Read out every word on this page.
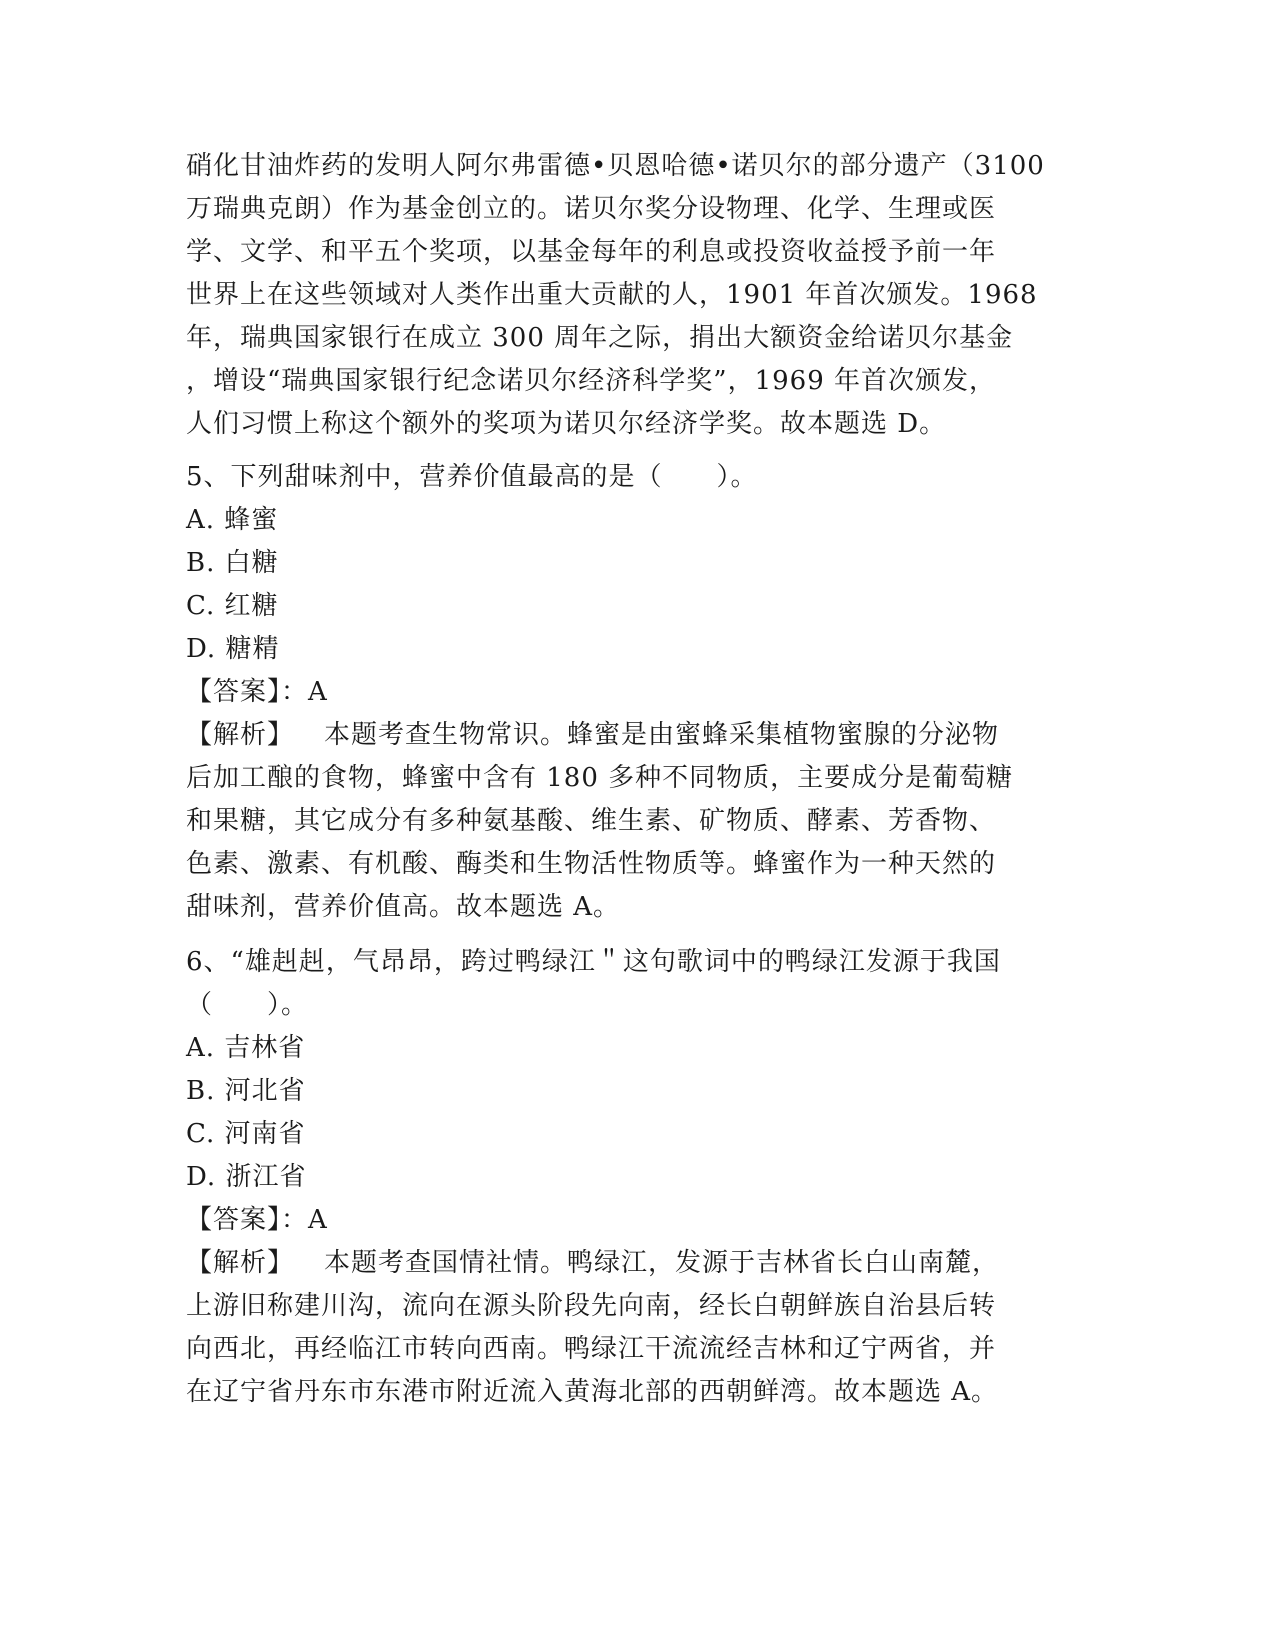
硝化甘油炸药的发明人阿尔弗雷德•贝恩哈德•诺贝尔的部分遗产（3100
万瑞典克朗）作为基金创立的。诺贝尔奖分设物理、化学、生理或医
学、文学、和平五个奖项，以基金每年的利息或投资收益授予前一年
世界上在这些领域对人类作出重大贡献的人，1901 年首次颁发。1968
年，瑞典国家银行在成立 300 周年之际，捐出大额资金给诺贝尔基金
，增设“瑞典国家银行纪念诺贝尔经济科学奖”，1969 年首次颁发，
人们习惯上称这个额外的奖项为诺贝尔经济学奖。故本题选 D。
5、下列甜味剂中，营养价值最高的是（　　）。
A. 蜂蜜
B. 白糖
C. 红糖
D. 糖精
【答案】：A
【解析】 本题考查生物常识。蜂蜜是由蜜蜂采集植物蜜腺的分泌物
后加工酿的食物，蜂蜜中含有 180 多种不同物质，主要成分是葡萄糖
和果糖，其它成分有多种氨基酸、维生素、矿物质、酵素、芳香物、
色素、激素、有机酸、酶类和生物活性物质等。蜂蜜作为一种天然的
甜味剂，营养价值高。故本题选 A。
6、“雄赳赳，气昂昂，跨过鸭绿江＂这句歌词中的鸭绿江发源于我国
（　　）。
A. 吉林省
B. 河北省
C. 河南省
D. 浙江省
【答案】：A
【解析】 本题考查国情社情。鸭绿江，发源于吉林省长白山南麓，
上游旧称建川沟，流向在源头阶段先向南，经长白朝鲜族自治县后转
向西北，再经临江市转向西南。鸭绿江干流流经吉林和辽宁两省，并
在辽宁省丹东市东港市附近流入黄海北部的西朝鲜湾。故本题选 A。
